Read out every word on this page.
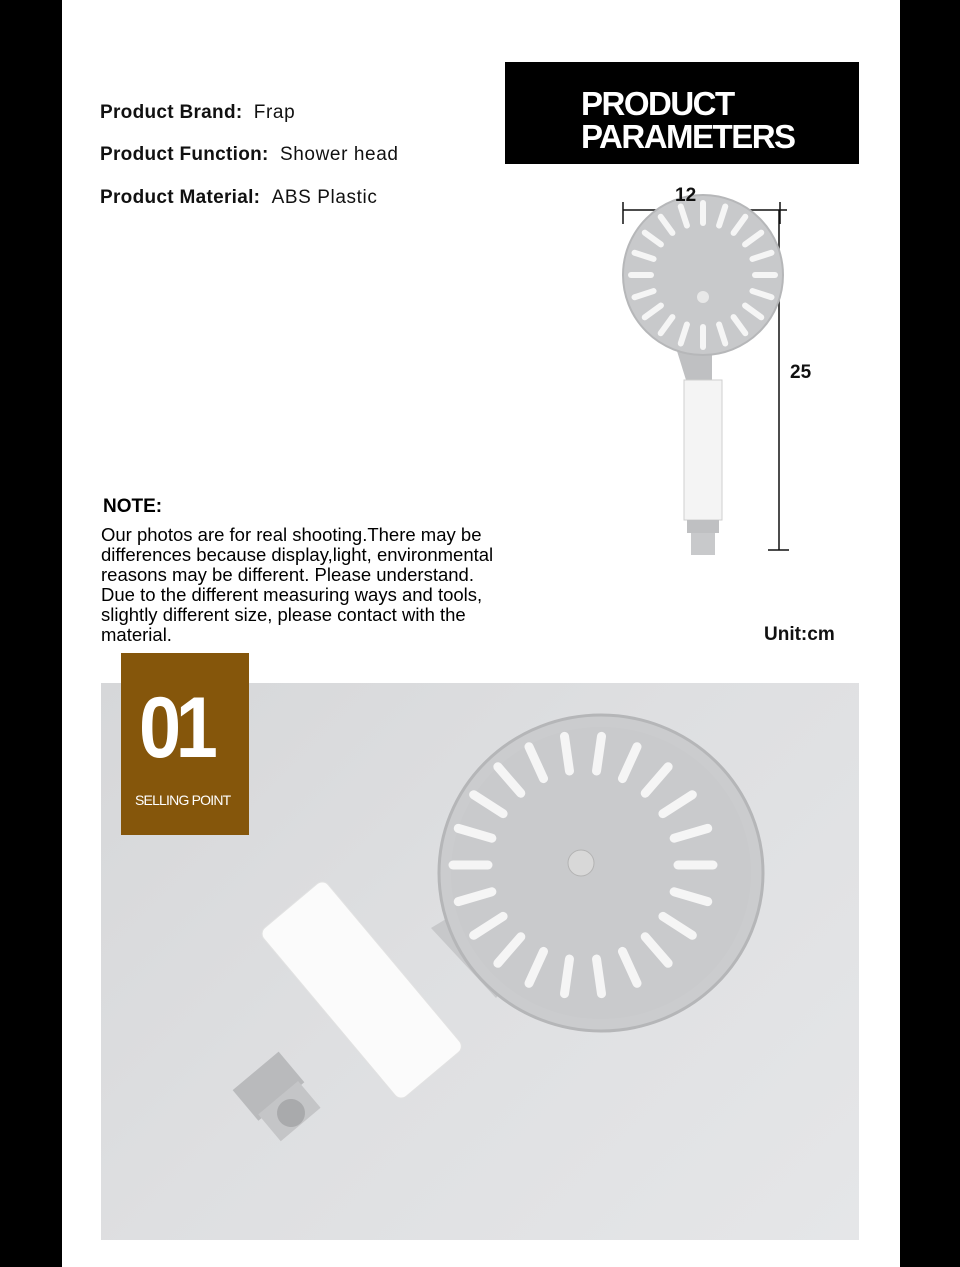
Product Brand: Frap
Product Function: Shower head
Product Material: ABS Plastic
PRODUCT
PARAMETERS
12
25
NOTE:
Our photos are for real shooting.There may be
differences because display,light, environmental
reasons may be different. Please understand.
Due to the different measuring ways and tools,
slightly different size, please contact with the
material.	Unit:cm
01
SELLING POINT
